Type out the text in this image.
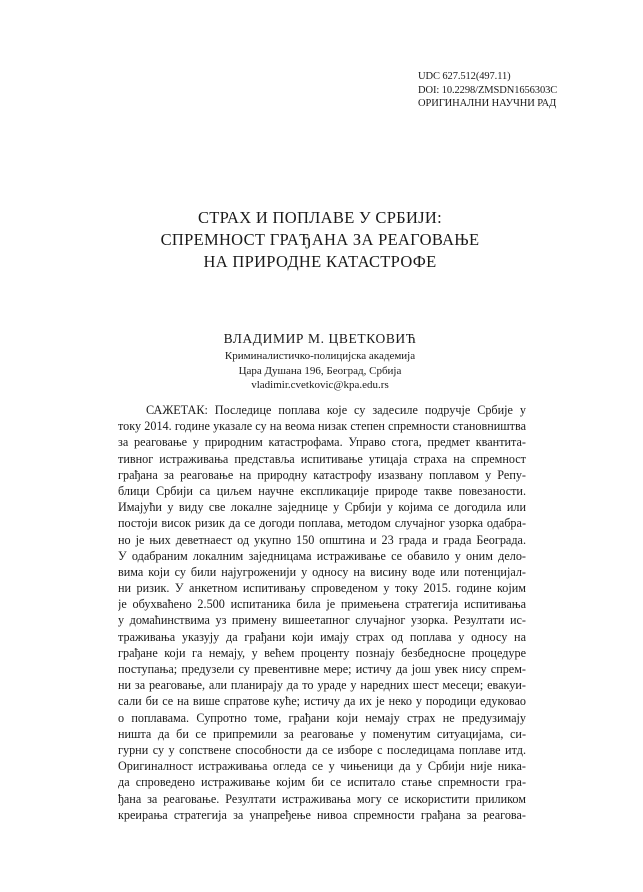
UDC 627.512(497.11)
DOI: 10.2298/ZMSDN1656303C
ОРИГИНАЛНИ НАУЧНИ РАД
СТРАХ И ПОПЛАВЕ У СРБИЈИ:
СПРЕМНОСТ ГРАЂАНА ЗА РЕАГОВАЊЕ
НА ПРИРОДНЕ КАТАСТРОФЕ
ВЛАДИМИР М. ЦВЕТКОВИЋ
Криминалистичко-полицијска академија
Цара Душана 196, Београд, Србија
vladimir.cvetkovic@kpa.edu.rs
САЖЕТАК: Последице поплава које су задесиле подручје Србије у
току 2014. године указале су на веома низак степен спремности становништва
за реаговање у природним катастрофама. Управо стога, предмет квантита-
тивног истраживања представља испитивање утицаја страха на спремност
грађана за реаговање на природну катастрофу изазвану поплавом у Репу-
блици Србији са циљем научне експликације природе такве повезаности.
Имајући у виду све локалне заједнице у Србији у којима се догодила или
постоји висок ризик да се догоди поплава, методом случајног узорка одабра-
но је њих деветнаест од укупно 150 општина и 23 града и града Београда.
У одабраним локалним заједницама истраживање се обавило у оним дело-
вима који су били најугроженији у односу на висину воде или потенцијал-
ни ризик. У анкетном испитивању спроведеном у току 2015. године којим
је обухваћено 2.500 испитаника била је примењена стратегија испитивања
у домаћинствима уз примену вишеетапног случајног узорка. Резултати ис-
траживања указују да грађани који имају страх од поплава у односу на
грађане који га немају, у већем проценту познају безбедносне процедуре
поступања; предузели су превентивне мере; истичу да још увек нису спрем-
ни за реаговање, али планирају да то ураде у наредних шест месеци; евакуи-
сали би се на више спратове куће; истичу да их је неко у породици едуковао
о поплавама. Супротно томе, грађани који немају страх не предузимају
ништа да би се припремили за реаговање у поменутим ситуацијама, си-
гурни су у сопствене способности да се изборе с последицама поплаве итд.
Оригиналност истраживања огледа се у чињеници да у Србији није ника-
да спроведено истраживање којим би се испитало стање спремности гра-
ђана за реаговање. Резултати истраживања могу се искористити приликом
креирања стратегија за унапређење нивоа спремности грађана за реагова-
